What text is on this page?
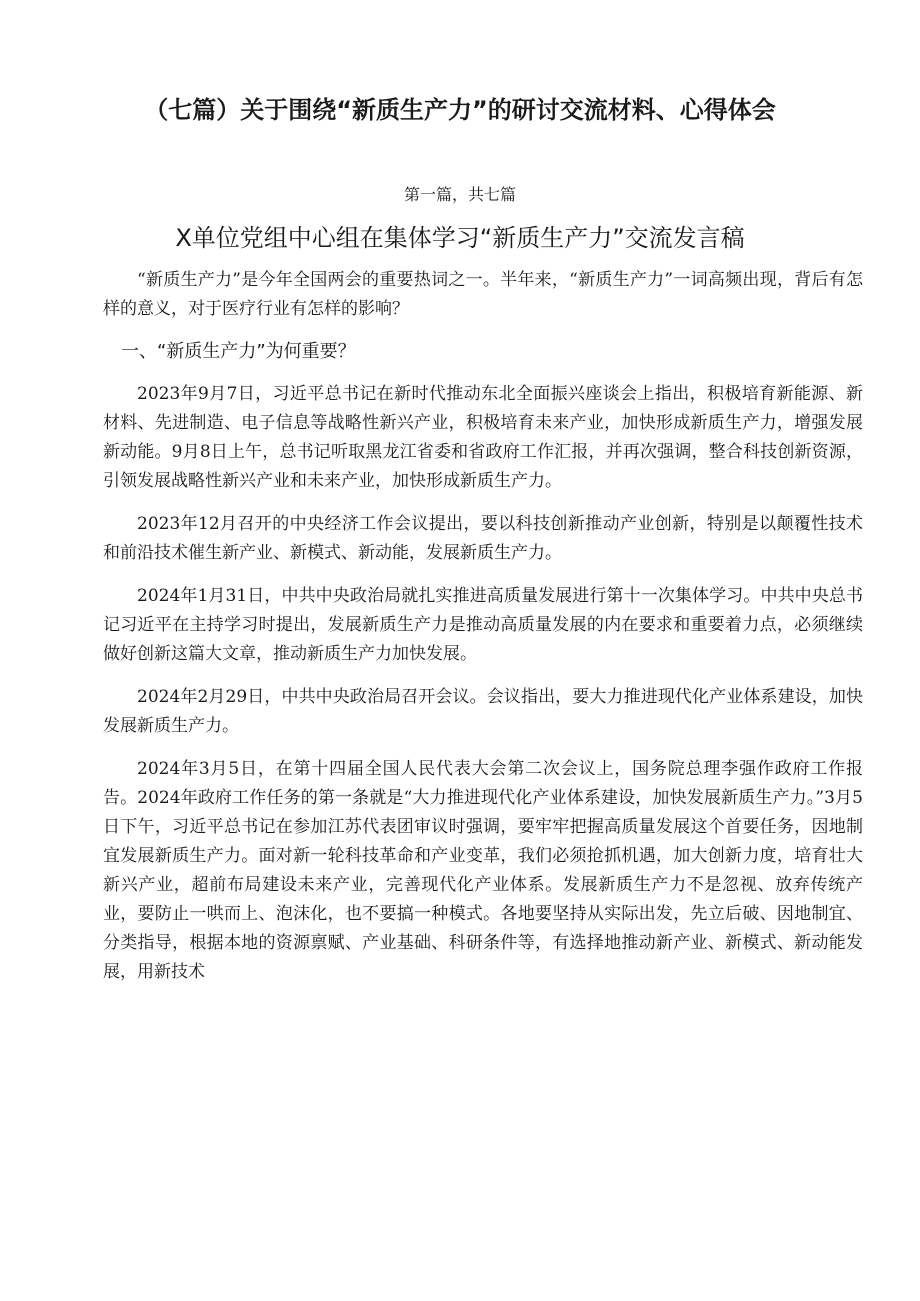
（七篇）关于围绕“新质生产力”的研讨交流材料、心得体会
第一篇，共七篇
X单位党组中心组在集体学习“新质生产力”交流发言稿

“新质生产力”是今年全国两会的重要热词之一。半年来，“新质生产力”一词高频出现，背后有怎样的意义，对于医疗行业有怎样的影响？

一、“新质生产力”为何重要？

2023年9月7日，习近平总书记在新时代推动东北全面振兴座谈会上指出，积极培育新能源、新材料、先进制造、电子信息等战略性新兴产业，积极培育未来产业，加快形成新质生产力，增强发展新动能。9月8日上午，总书记听取黑龙江省委和省政府工作汇报，并再次强调，整合科技创新资源，引领发展战略性新兴产业和未来产业，加快形成新质生产力。

2023年12月召开的中央经济工作会议提出，要以科技创新推动产业创新，特别是以颠覆性技术和前沿技术催生新产业、新模式、新动能，发展新质生产力。

2024年1月31日，中共中央政治局就扎实推进高质量发展进行第十一次集体学习。中共中央总书记习近平在主持学习时提出，发展新质生产力是推动高质量发展的内在要求和重要着力点，必须继续做好创新这篇大文章，推动新质生产力加快发展。

2024年2月29日，中共中央政治局召开会议。会议指出，要大力推进现代化产业体系建设，加快发展新质生产力。

2024年3月5日，在第十四届全国人民代表大会第二次会议上，国务院总理李强作政府工作报告。2024年政府工作任务的第一条就是“大力推进现代化产业体系建设，加快发展新质生产力。”3月5日下午，习近平总书记在参加江苏代表团审议时强调，要牢牢把握高质量发展这个首要任务，因地制宜发展新质生产力。面对新一轮科技革命和产业变革，我们必须抢抓机遇，加大创新力度，培育壮大新兴产业，超前布局建设未来产业，完善现代化产业体系。发展新质生产力不是忽视、放弃传统产业，要防止一哄而上、泡沫化，也不要搞一种模式。各地要坚持从实际出发，先立后破、因地制宜、分类指导，根据本地的资源禀赋、产业基础、科研条件等，有选择地推动新产业、新模式、新动能发展，用新技术
